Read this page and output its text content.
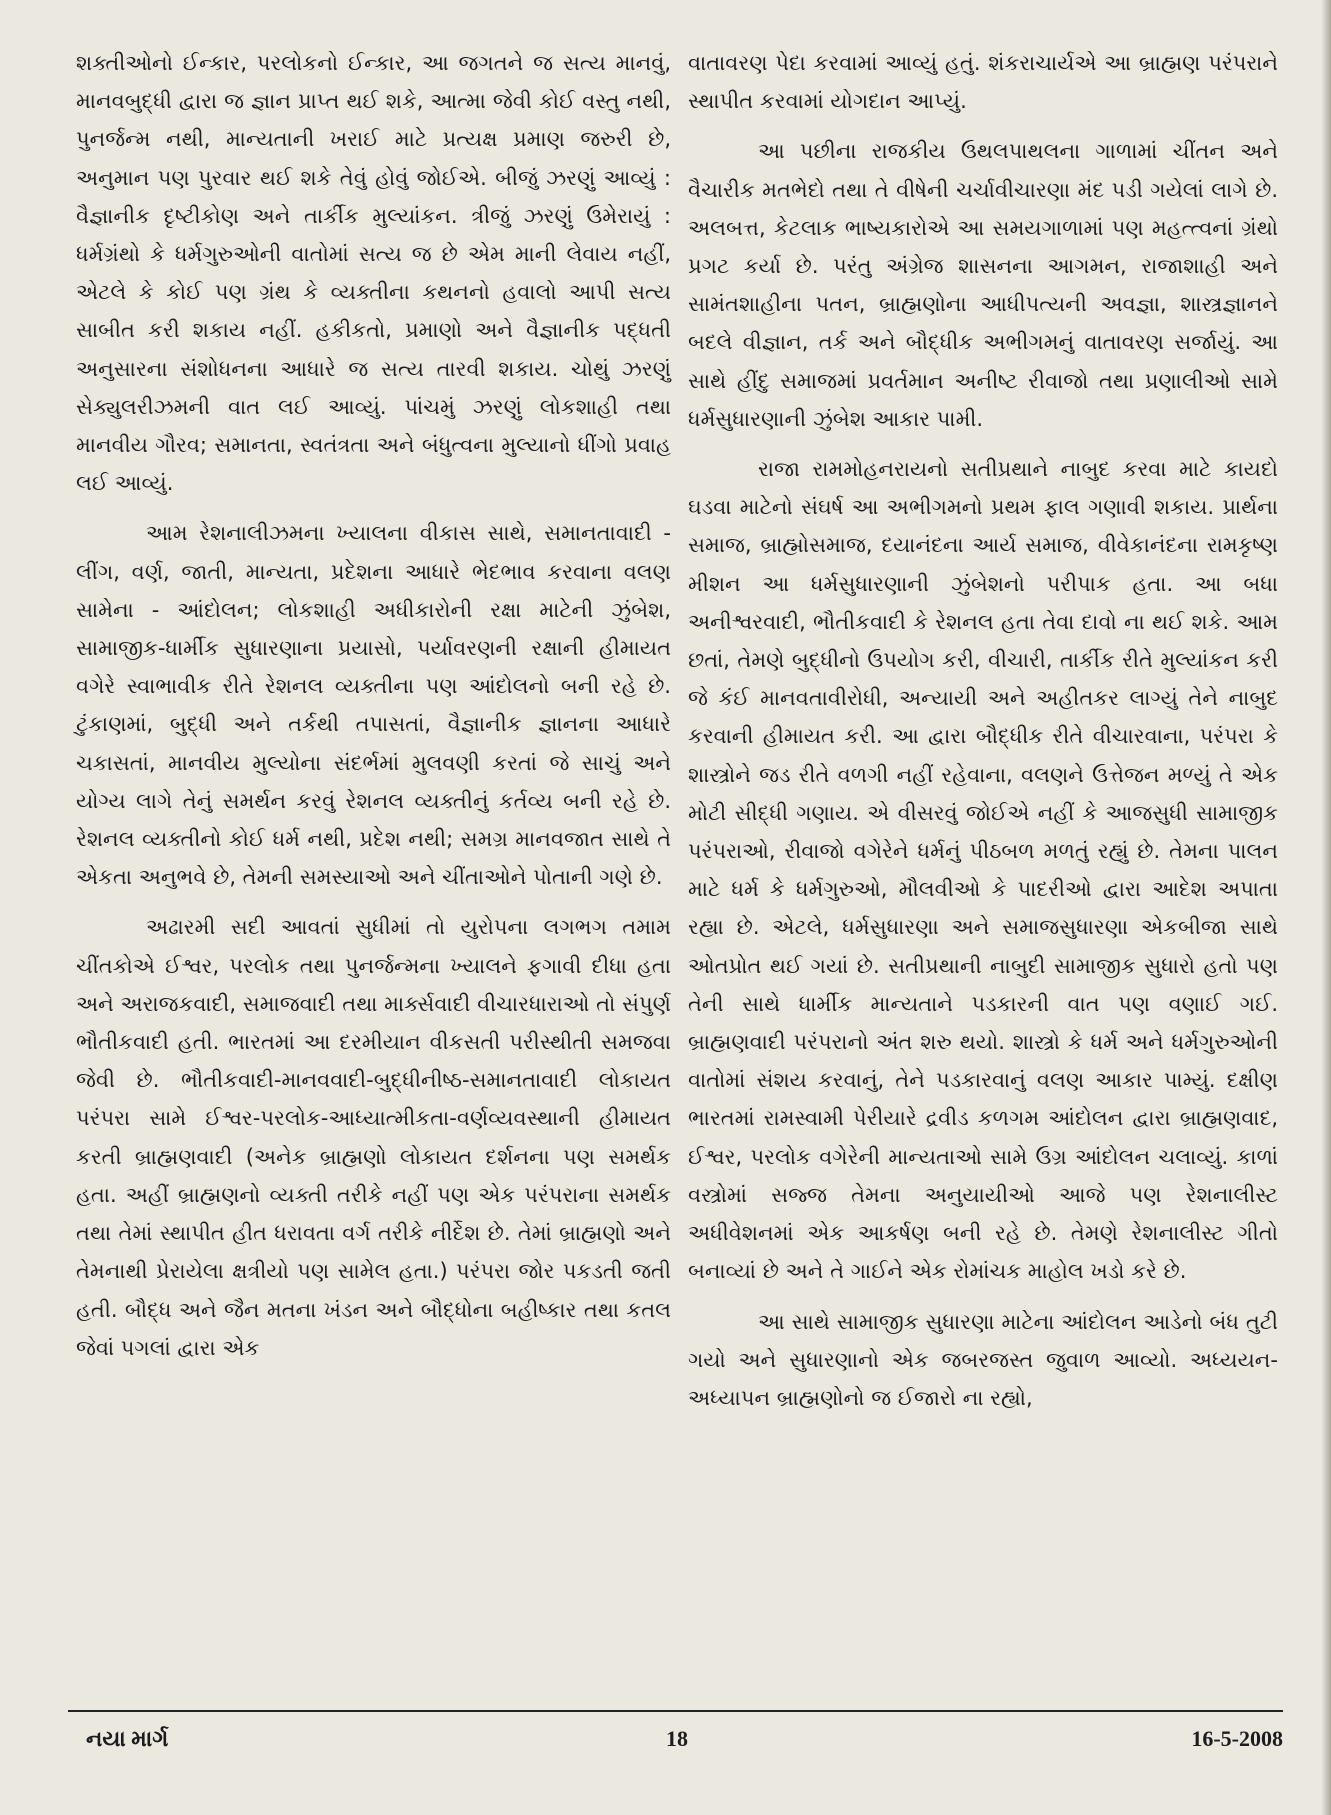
શક્તીઓનો ઈન્કાર, પરલોકનો ઈન્કાર, આ જગતને જ સત્ય માનવું, માનવબુદ્ધી દ્વારા જ જ્ઞાન પ્રાપ્ત થઈ શકે, આત્મા જેવી કોઈ વસ્તુ નથી, પુનર્જન્મ નથી, માન્યતાની ખરાઈ માટે પ્રત્યક્ષ પ્રમાણ જરુરી છે, અનુમાન પણ પુરવાર થઈ શકે તેવું હોવું જોઈએ. બીજું ઝરણું આવ્યું : વૈજ્ઞાનીક દૃષ્ટીકોણ અને તાર્કીક મુલ્યાંકન. ત્રીજું ઝરણું ઉમેરાયું : ધર્મગ્રંથો કે ધર્મગુરુઓની વાતોમાં સત્ય જ છે એમ માની લેવાય નહીં, એટલે કે કોઈ પણ ગ્રંથ કે વ્યક્તીના કથનનો હવાલો આપી સત્ય સાબીત કરી શકાય નહીં. હકીકતો, પ્રમાણો અને વૈજ્ઞાનીક પદ્ધતી અનુસારના સંશોધનના આધારે જ સત્ય તારવી શકાય. ચોથું ઝરણું સેક્યુલરીઝમની વાત લઈ આવ્યું. પાંચમું ઝરણું લોકશાહી તથા માનવીય ગૌરવ; સમાનતા, સ્વતંત્રતા અને બંધુત્વના મુલ્યાનો ધીંગો પ્રવાહ લઈ આવ્યું.

આમ રેશનાલીઝમના ખ્યાલના વીકાસ સાથે, સમાનતાવાદી - લીંગ, વર્ણ, જાતી, માન્યતા, પ્રદેશના આધારે ભેદભાવ કરવાના વલણ સામેના - આંદોલન; લોકશાહી અધીકારોની રક્ષા માટેની ઝુંબેશ, સામાજીક-ધાર્મીક સુધારણાના પ્રયાસો, પર્યાવરણની રક્ષાની હીમાયત વગેરે સ્વાભાવીક રીતે રેશનલ વ્યક્તીના પણ આંદોલનો બની રહે છે. ટુંકાણમાં, બુદ્ધી અને તર્કથી તપાસતાં, વૈજ્ઞાનીક જ્ઞાનના આધારે ચકાસતાં, માનવીય મુલ્યોના સંદર્ભમાં મુલવણી કરતાં જે સાચું અને યોગ્ય લાગે તેનું સમર્થન કરવું રેશનલ વ્યક્તીનું કર્તવ્ય બની રહે છે. રેશનલ વ્યક્તીનો કોઈ ધર્મ નથી, પ્રદેશ નથી; સમગ્ર માનવજાત સાથે તે એકતા અનુભવે છે, તેમની સમસ્યાઓ અને ચીંતાઓને પોતાની ગણે છે.

અઢારમી સદી આવતાં સુધીમાં તો યુરોપના લગભગ તમામ ચીંતકોએ ઈશ્વર, પરલોક તથા પુનર્જન્મના ખ્યાલને ફગાવી દીધા હતા અને અરાજકવાદી, સમાજવાદી તથા માર્ક્સવાદી વીચારધારાઓ તો સંપુર્ણ ભૌતીકવાદી હતી. ભારતમાં આ દરમીયાન વીકસતી પરીસ્થીતી સમજવા જેવી છે. ભૌતીકવાદી-માનવવાદી-બુદ્ધીનીષ્ઠ-સમાનતાવાદી લોકાયત પરંપરા સામે ઈશ્વર-પરલોક-આધ્યાત્મીકતા-વર્ણવ્યવસ્થાની હીમાયત કરતી બ્રાહ્મણવાદી (અનેક બ્રાહ્મણો લોકાયત દર્શનના પણ સમર્થક હતા. અહીં બ્રાહ્મણનો વ્યક્તી તરીકે નહીં પણ એક પરંપરાના સમર્થક તથા તેમાં સ્થાપીત હીત ધરાવતા વર્ગ તરીકે નીર્દેશ છે. તેમાં બ્રાહ્મણો અને તેમનાથી પ્રેરાયેલા ક્ષત્રીયો પણ સામેલ હતા.) પરંપરા જોર પકડતી જતી હતી. બૌદ્ધ અને જૈન મતના ખંડન અને બૌદ્ધોના બહીષ્કાર તથા કતલ જેવાં પગલાં દ્વારા એક

વાતાવરણ પેદા કરવામાં આવ્યું હતું. શંકરાચાર્યએ આ બ્રાહ્મણ પરંપરાને સ્થાપીત કરવામાં યોગદાન આપ્યું.

આ પછીના રાજકીય ઉથલપાથલના ગાળામાં ચીંતન અને વૈચારીક મતભેદો તથા તે વીષેની ચર્ચાવીચારણા મંદ પડી ગયેલાં લાગે છે. અલબત્ત, કેટલાક ભાષ્યકારોએ આ સમયગાળામાં પણ મહત્ત્વનાં ગ્રંથો પ્રગટ કર્યા છે. પરંતુ અંગ્રેજ શાસનના આગમન, રાજાશાહી અને સામંતશાહીના પતન, બ્રાહ્મણોના આધીપત્યની અવજ્ઞા, શાસ્ત્રજ્ઞાનને બદલે વીજ્ઞાન, તર્ક અને બૌદ્ધીક અભીગમનું વાતાવરણ સર્જાયું. આ સાથે હીંદુ સમાજમાં પ્રવર્તમાન અનીષ્ટ રીવાજો તથા પ્રણાલીઓ સામે ધર્મસુધારણાની ઝુંબેશ આકાર પામી.

રાજા રામમોહનરાયનો સતીપ્રથાને નાબુદ કરવા માટે કાયદો ઘડવા માટેનો સંઘર્ષ આ અભીગમનો પ્રથમ ફાલ ગણાવી શકાય. પ્રાર્થના સમાજ, બ્રાહ્મોસમાજ, દયાનંદના આર્ય સમાજ, વીવેકાનંદના રામકૃષ્ણ મીશન આ ધર્મસુધારણાની ઝુંબેશનો પરીપાક હતા. આ બધા અનીશ્વરવાદી, ભૌતીકવાદી કે રેશનલ હતા તેવા દાવો ના થઈ શકે. આમ છતાં, તેમણે બુદ્ધીનો ઉપયોગ કરી, વીચારી, તાર્કીક રીતે મુલ્યાંકન કરી જે કંઈ માનવતાવીરોધી, અન્યાયી અને અહીતકર લાગ્યું તેને નાબુદ કરવાની હીમાયત કરી. આ દ્વારા બૌદ્ધીક રીતે વીચારવાના, પરંપરા કે શાસ્ત્રોને જડ રીતે વળગી નહીં રહેવાના, વલણને ઉત્તેજન મળ્યું તે એક મોટી સીદ્ધી ગણાય. એ વીસરવું જોઈએ નહીં કે આજસુધી સામાજીક પરંપરાઓ, રીવાજો વગેરેને ધર્મનું પીઠબળ મળતું રહ્યું છે. તેમના પાલન માટે ધર્મ કે ધર્મગુરુઓ, મૌલવીઓ કે પાદરીઓ દ્વારા આદેશ અપાતા રહ્યા છે. એટલે, ધર્મસુધારણા અને સમાજસુધારણા એકબીજા સાથે ઓતપ્રોત થઈ ગયાં છે. સતીપ્રથાની નાબુદી સામાજીક સુધારો હતો પણ તેની સાથે ધાર્મીક માન્યતાને પડકારની વાત પણ વણાઈ ગઈ. બ્રાહ્મણવાદી પરંપરાનો અંત શરુ થયો. શાસ્ત્રો કે ધર્મ અને ધર્મગુરુઓની વાતોમાં સંશય કરવાનું, તેને પડકારવાનું વલણ આકાર પામ્યું. દક્ષીણ ભારતમાં રામસ્વામી પેરીયારે દ્રવીડ કળગમ આંદોલન દ્વારા બ્રાહ્મણવાદ, ઈશ્વર, પરલોક વગેરેની માન્યતાઓ સામે ઉગ્ર આંદોલન ચલાવ્યું. કાળાં વસ્ત્રોમાં સજ્જ તેમના અનુયાયીઓ આજે પણ રેશનાલીસ્ટ અધીવેશનમાં એક આકર્ષણ બની રહે છે. તેમણે રેશનાલીસ્ટ ગીતો બનાવ્યાં છે અને તે ગાઈને એક રોમાંચક માહોલ ખડો કરે છે.

આ સાથે સામાજીક સુધારણા માટેના આંદોલન આડેનો બંધ તુટી ગયો અને સુધારણાનો એક જબરજસ્ત જુવાળ આવ્યો. અધ્યયન-અધ્યાપન બ્રાહ્મણોનો જ ઈજારો ના રહ્યો,

નયા માર્ગ	18	16-5-2008
